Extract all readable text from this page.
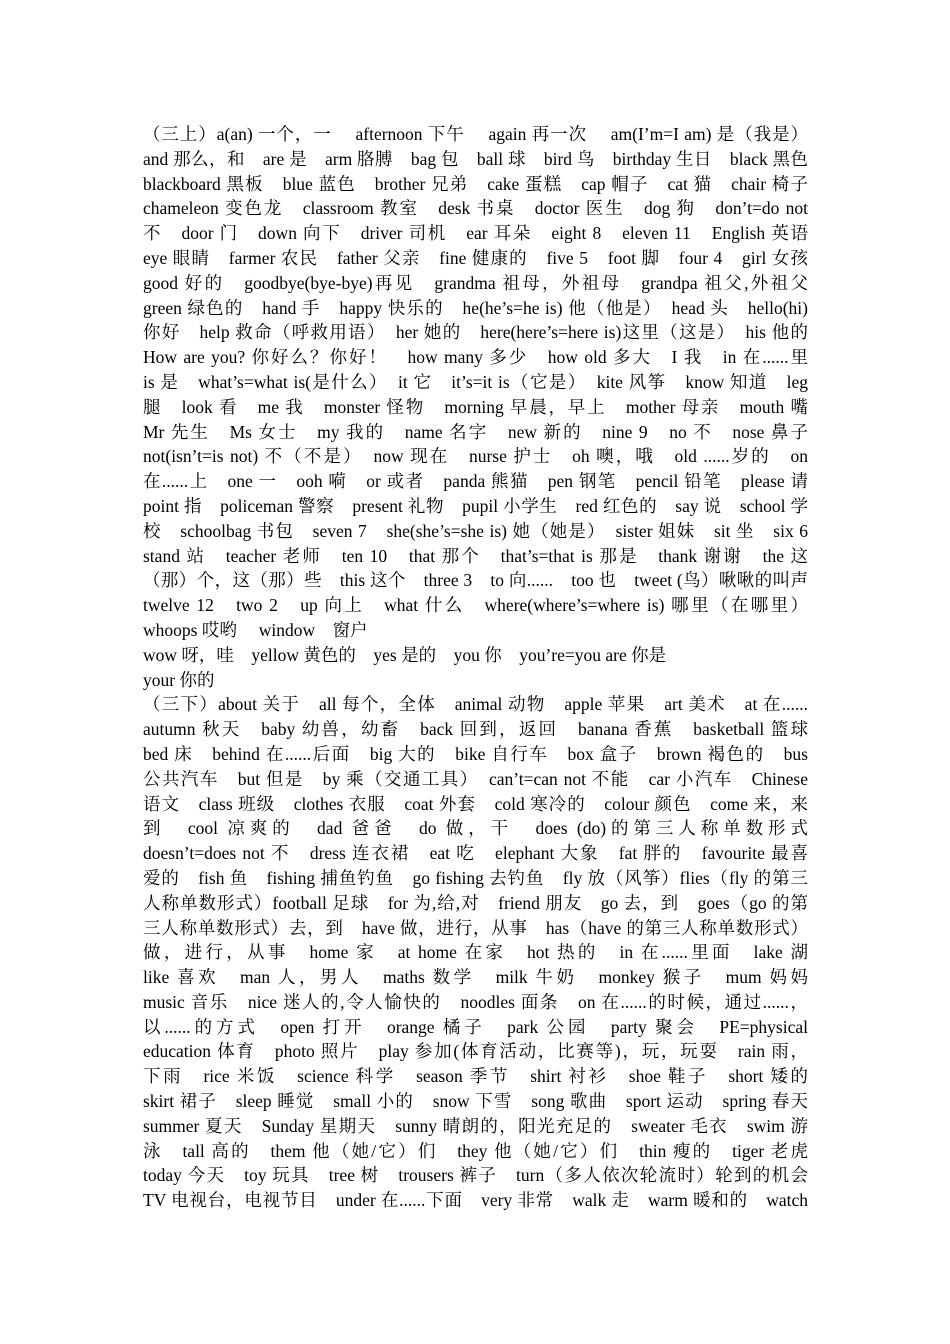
（三上）a(an) 一个，一　 afternoon 下午　 again 再一次　 am(I’m=I am) 是（我是）
and 那么，和　are 是　arm 胳膊　bag 包　ball 球　bird 鸟　birthday 生日　black 黑色
blackboard 黑板　blue 蓝色　brother 兄弟　cake 蛋糕　cap 帽子　cat 猫　chair 椅子
chameleon 变色龙　classroom 教室　desk 书桌　doctor 医生　dog 狗　don’t=do not
不　door 门　down 向下　driver 司机　ear 耳朵　eight 8　eleven 11　English 英语
eye 眼睛　farmer 农民　father 父亲　fine 健康的　five 5　foot 脚　four 4　girl 女孩
good 好的　goodbye(bye-bye)再见　grandma 祖母，外祖母　grandpa 祖父,外祖父
green 绿色的　hand 手　happy 快乐的　he(he’s=he is) 他（他是）　head 头　hello(hi)
你好　help 救命（呼救用语）　her 她的　here(here’s=here is)这里（这是）　his 他的
How are you? 你好么？你好！　how many 多少　how old 多大　I 我　in 在......里
is 是　what’s=what is(是什么）　it 它　it’s=it is（它是）　kite 风筝　know 知道　leg
腿　look 看　me 我　monster 怪物　morning 早晨，早上　mother 母亲　mouth 嘴
Mr 先生　Ms 女士　my 我的　name 名字　new 新的　nine 9　no 不　nose 鼻子
not(isn’t=is not) 不（不是）　now 现在　nurse 护士　oh 噢，哦　old ......岁的　on
在......上　one 一　ooh 嗬　or 或者　panda 熊猫　pen 钢笔　pencil 铅笔　please 请
point 指　policeman 警察　present 礼物　pupil 小学生　red 红色的　say 说　school 学
校　schoolbag 书包　seven 7　she(she’s=she is) 她（她是）　sister 姐妹　sit 坐　six 6
stand 站　teacher 老师　ten 10　that 那个　that’s=that is 那是　thank 谢谢　the 这
（那）个，这（那）些　this 这个　three 3　to 向......　too 也　tweet (鸟）啾啾的叫声
twelve 12　two 2　up 向上　what 什么　where(where’s=where is) 哪里（在哪里）
whoops 哎哟　 window　窗户
wow 呀，哇　yellow 黄色的　yes 是的　you 你　you’re=you are 你是
your 你的
（三下）about 关于　all 每个，全体　animal 动物　apple 苹果　art 美术　at 在......
autumn 秋天　baby 幼兽，幼畜　back 回到，返回　banana 香蕉　basketball 篮球
bed 床　behind 在......后面　big 大的　bike 自行车　box 盒子　brown 褐色的　bus
公共汽车　but 但是　by 乘（交通工具）　can’t=can not 不能　car 小汽车　Chinese
语文　class 班级　clothes 衣服　coat 外套　cold 寒冷的　colour 颜色　come 来，来
到　cool 凉爽的　dad 爸爸　do 做，干　does (do)的第三人称单数形式
doesn’t=does not 不　dress 连衣裙　eat 吃　elephant 大象　fat 胖的　favourite 最喜
爱的　fish 鱼　fishing 捕鱼钓鱼　go fishing 去钓鱼　fly 放（风筝）flies（fly 的第三
人称单数形式）football 足球　for 为,给,对　friend 朋友　go 去，到　goes（go 的第
三人称单数形式）去，到　have 做，进行，从事　has（have 的第三人称单数形式）
做，进行，从事　home 家　at home 在家　hot 热的　in 在......里面　lake 湖
like 喜欢　man 人，男人　maths 数学　milk 牛奶　monkey 猴子　mum 妈妈
music 音乐　nice 迷人的,令人愉快的　noodles 面条　on 在......的时候，通过......，
以......的方式　open 打开　orange 橘子　park 公园　party 聚会　PE=physical
education 体育　photo 照片　play 参加(体育活动，比赛等)，玩，玩耍　rain 雨，
下雨　rice 米饭　science 科学　season 季节　shirt 衬衫　shoe 鞋子　short 矮的
skirt 裙子　sleep 睡觉　small 小的　snow 下雪　song 歌曲　sport 运动　spring 春天
summer 夏天　Sunday 星期天　sunny 晴朗的，阳光充足的　sweater 毛衣　swim 游
泳　tall 高的　them 他（她/它）们　they 他（她/它）们　thin 瘦的　tiger 老虎
today 今天　toy 玩具　tree 树　trousers 裤子　turn（多人依次轮流时）轮到的机会
TV 电视台，电视节目　under 在......下面　very 非常　walk 走　warm 暖和的　watch
